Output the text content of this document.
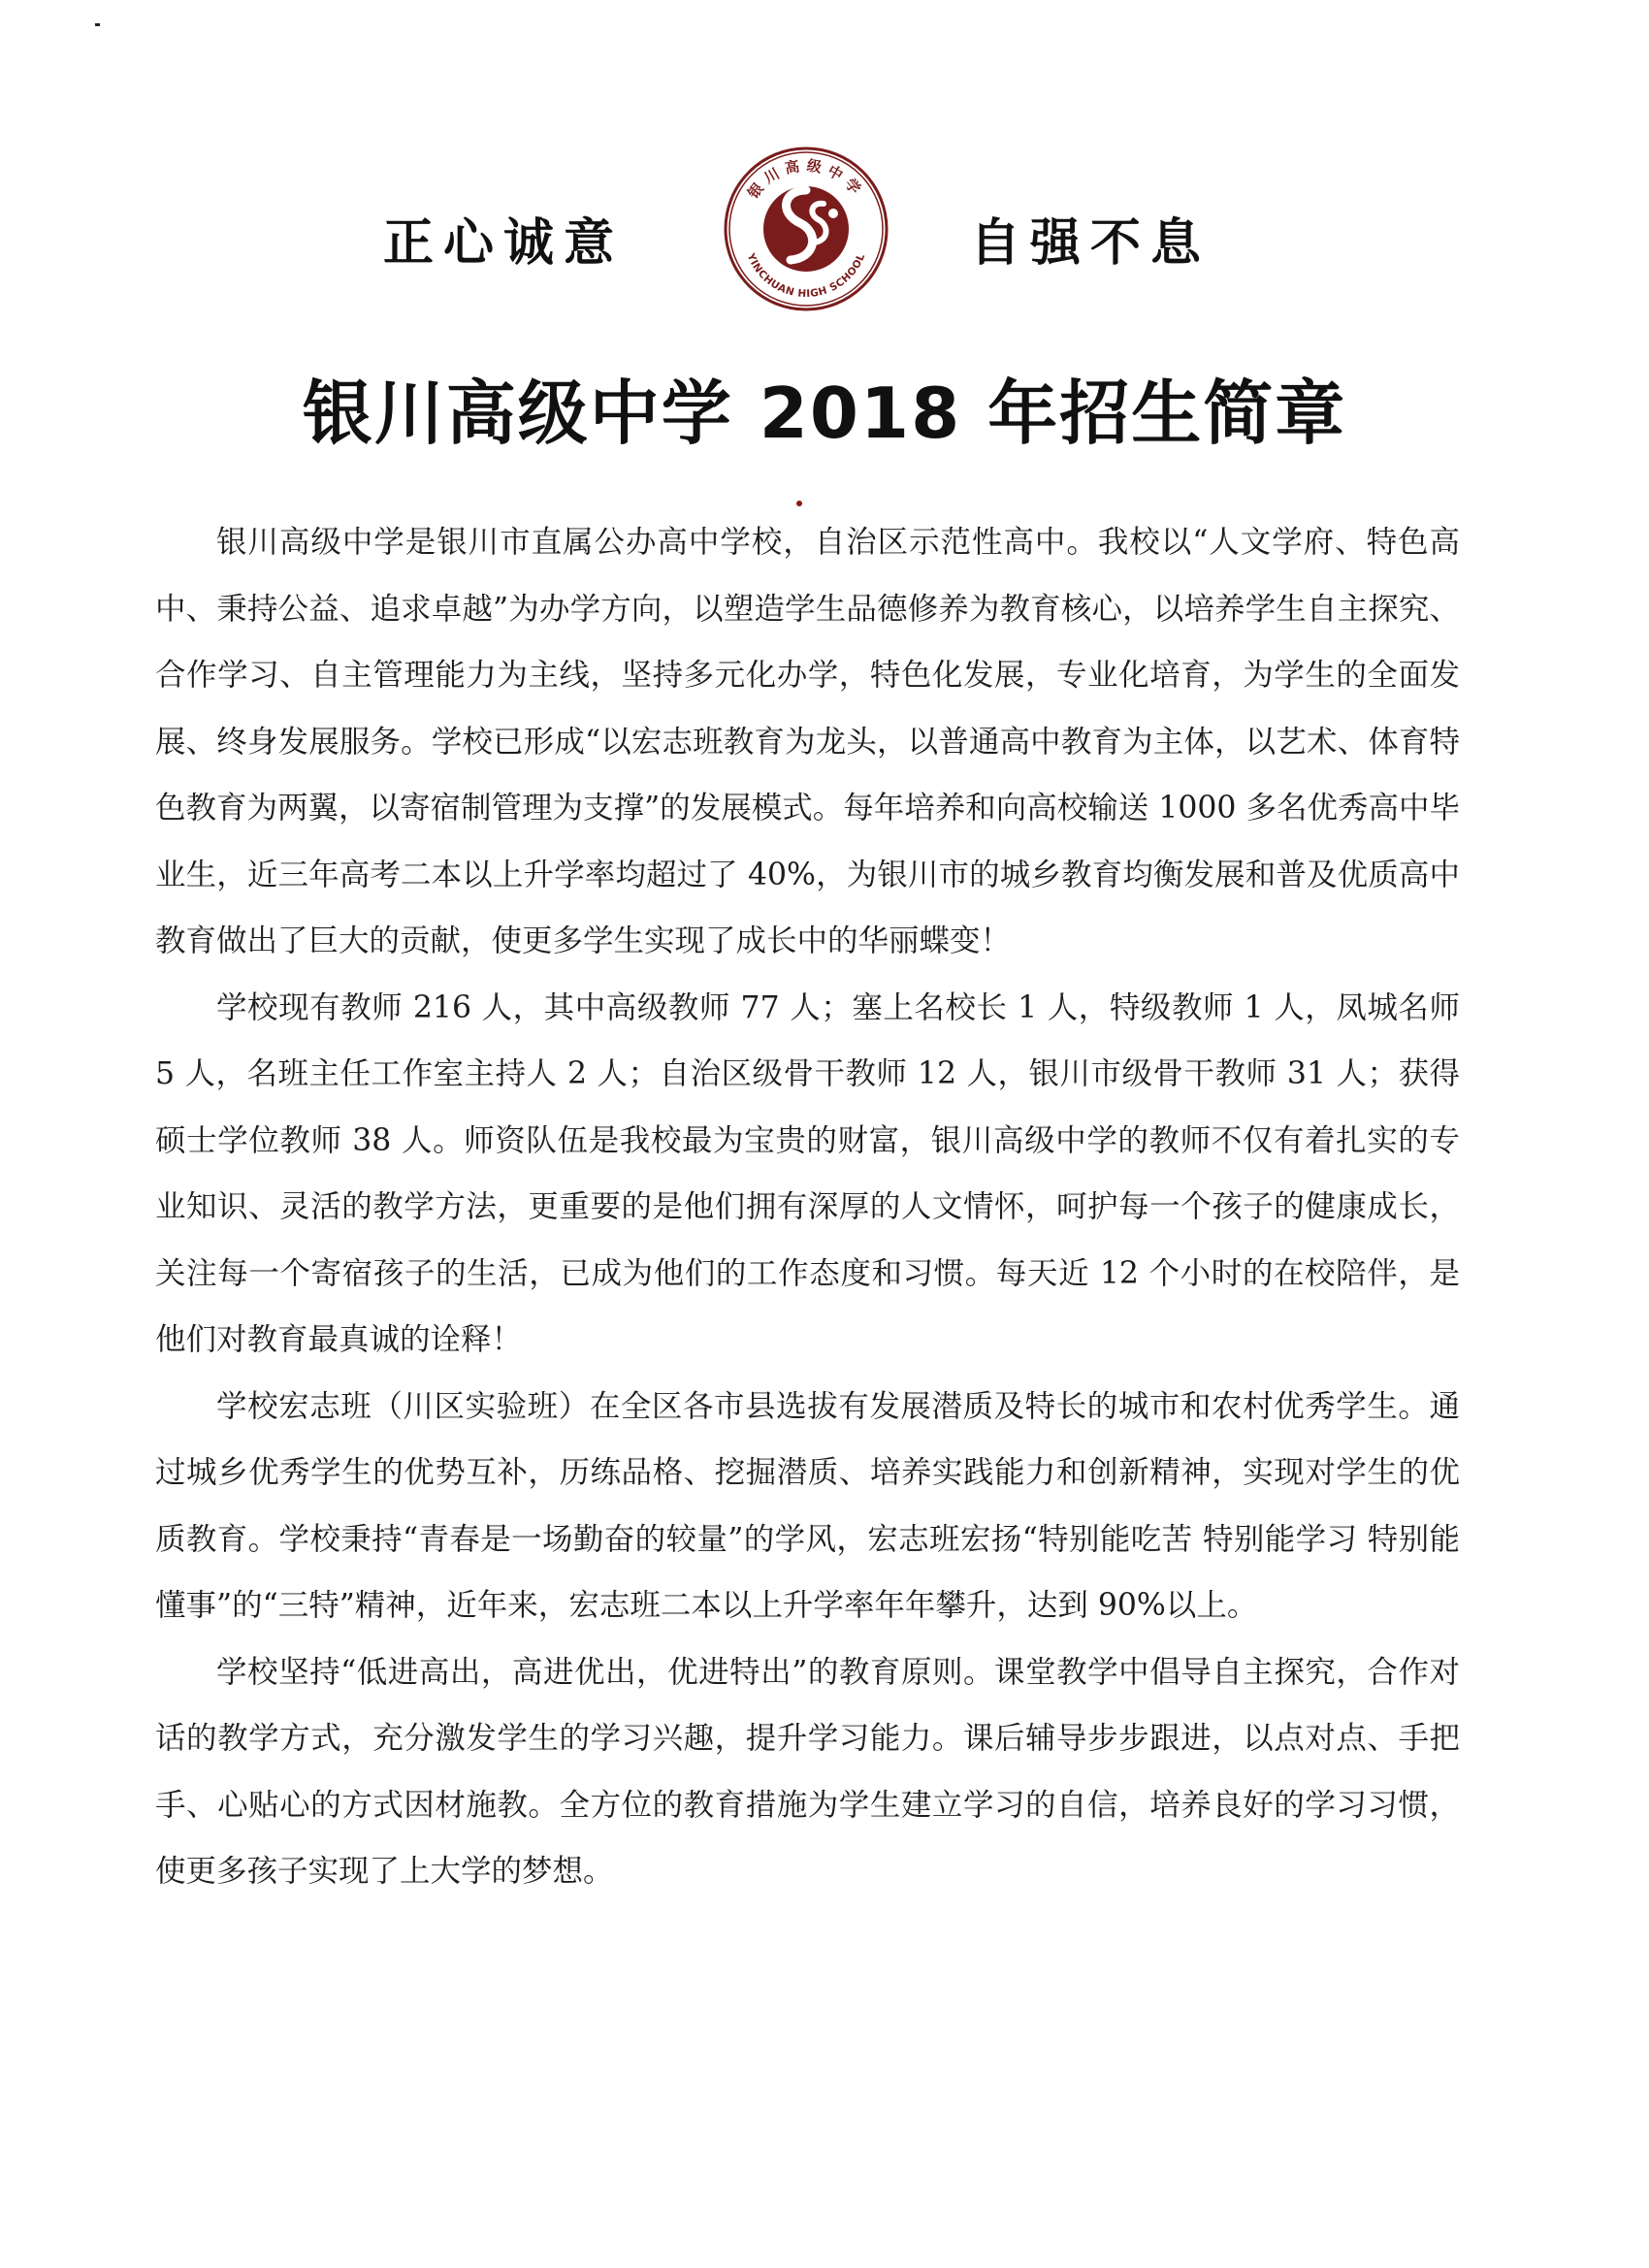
正心诚意
银川高级中学
YINCHUAN HIGH SCHOOL 自强不息
银川高级中学 2018 年招生简章

银川高级中学是银川市直属公办高中学校，自治区示范性高中。我校以“人文学府、特色高中、秉持公益、追求卓越”为办学方向，以塑造学生品德修养为教育核心，以培养学生自主探究、合作学习、自主管理能力为主线，坚持多元化办学，特色化发展，专业化培育，为学生的全面发展、终身发展服务。学校已形成“以宏志班教育为龙头，以普通高中教育为主体，以艺术、体育特色教育为两翼，以寄宿制管理为支撑”的发展模式。每年培养和向高校输送 1000 多名优秀高中毕业生，近三年高考二本以上升学率均超过了 40%，为银川市的城乡教育均衡发展和普及优质高中教育做出了巨大的贡献，使更多学生实现了成长中的华丽蝶变！

学校现有教师 216 人，其中高级教师 77 人；塞上名校长 1 人，特级教师 1 人，凤城名师 5 人，名班主任工作室主持人 2 人；自治区级骨干教师 12 人，银川市级骨干教师 31 人；获得硕士学位教师 38 人。师资队伍是我校最为宝贵的财富，银川高级中学的教师不仅有着扎实的专业知识、灵活的教学方法，更重要的是他们拥有深厚的人文情怀，呵护每一个孩子的健康成长，关注每一个寄宿孩子的生活，已成为他们的工作态度和习惯。每天近 12 个小时的在校陪伴，是他们对教育最真诚的诠释！

学校宏志班（川区实验班）在全区各市县选拔有发展潜质及特长的城市和农村优秀学生。通过城乡优秀学生的优势互补，历练品格、挖掘潜质、培养实践能力和创新精神，实现对学生的优质教育。学校秉持“青春是一场勤奋的较量”的学风，宏志班宏扬“特别能吃苦 特别能学习 特别能懂事”的“三特”精神，近年来，宏志班二本以上升学率年年攀升，达到 90%以上。

学校坚持“低进高出，高进优出，优进特出”的教育原则。课堂教学中倡导自主探究，合作对话的教学方式，充分激发学生的学习兴趣，提升学习能力。课后辅导步步跟进，以点对点、手把手、心贴心的方式因材施教。全方位的教育措施为学生建立学习的自信，培养良好的学习习惯，使更多孩子实现了上大学的梦想。
